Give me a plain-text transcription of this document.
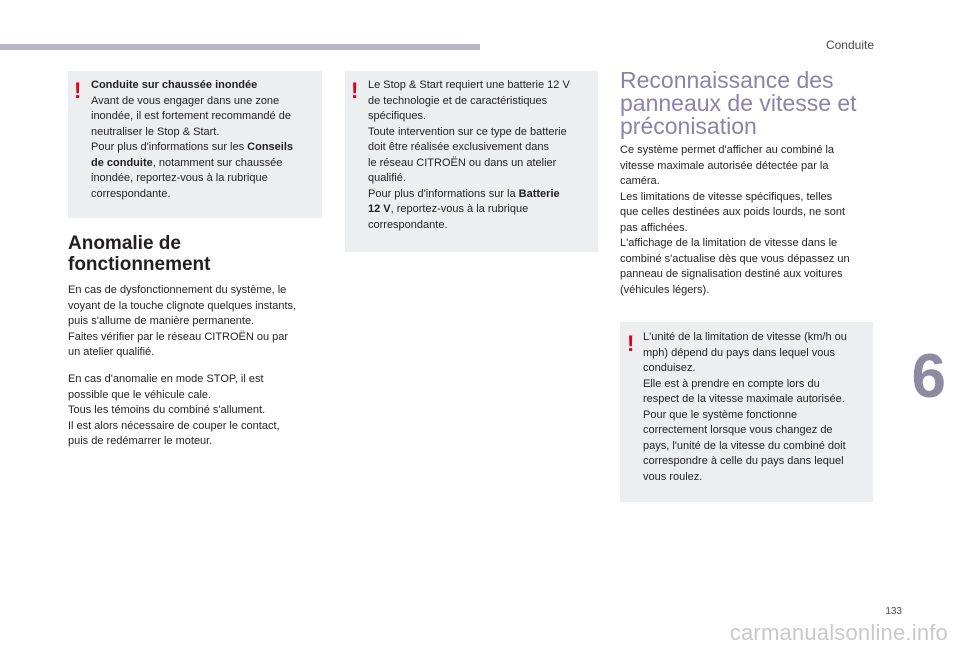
Conduite
! Conduite sur chaussée inondée

Avant de vous engager dans une zone

inondée, il est fortement recommandé de

neutraliser le Stop & Start.

Pour plus d'informations sur les Conseils

de conduite, notamment sur chaussée

inondée, reportez-vous à la rubrique

correspondante.

Anomalie de
fonctionnement

En cas de dysfonctionnement du système, le

voyant de la touche clignote quelques instants,

puis s'allume de manière permanente.

Faites vérifier par le réseau CITROËN ou par

un atelier qualifié.

En cas d'anomalie en mode STOP, il est

possible que le véhicule cale.

Tous les témoins du combiné s'allument.

Il est alors nécessaire de couper le contact,

puis de redémarrer le moteur.

! Le Stop & Start requiert une batterie 12 V

de technologie et de caractéristiques

spécifiques.

Toute intervention sur ce type de batterie

doit être réalisée exclusivement dans

le réseau CITROËN ou dans un atelier

qualifié.

Pour plus d'informations sur la Batterie

12 V, reportez-vous à la rubrique

correspondante.

Reconnaissance des
panneaux de vitesse et
préconisation

Ce système permet d'afficher au combiné la

vitesse maximale autorisée détectée par la

caméra.

Les limitations de vitesse spécifiques, telles

que celles destinées aux poids lourds, ne sont

pas affichées.

L'affichage de la limitation de vitesse dans le

combiné s'actualise dès que vous dépassez un

panneau de signalisation destiné aux voitures

(véhicules légers).

! L'unité de la limitation de vitesse (km/h ou

mph) dépend du pays dans lequel vous

conduisez.

Elle est à prendre en compte lors du

respect de la vitesse maximale autorisée.

Pour que le système fonctionne

correctement lorsque vous changez de

pays, l'unité de la vitesse du combiné doit

correspondre à celle du pays dans lequel

vous roulez.

6
133
carmanualsonline.info
